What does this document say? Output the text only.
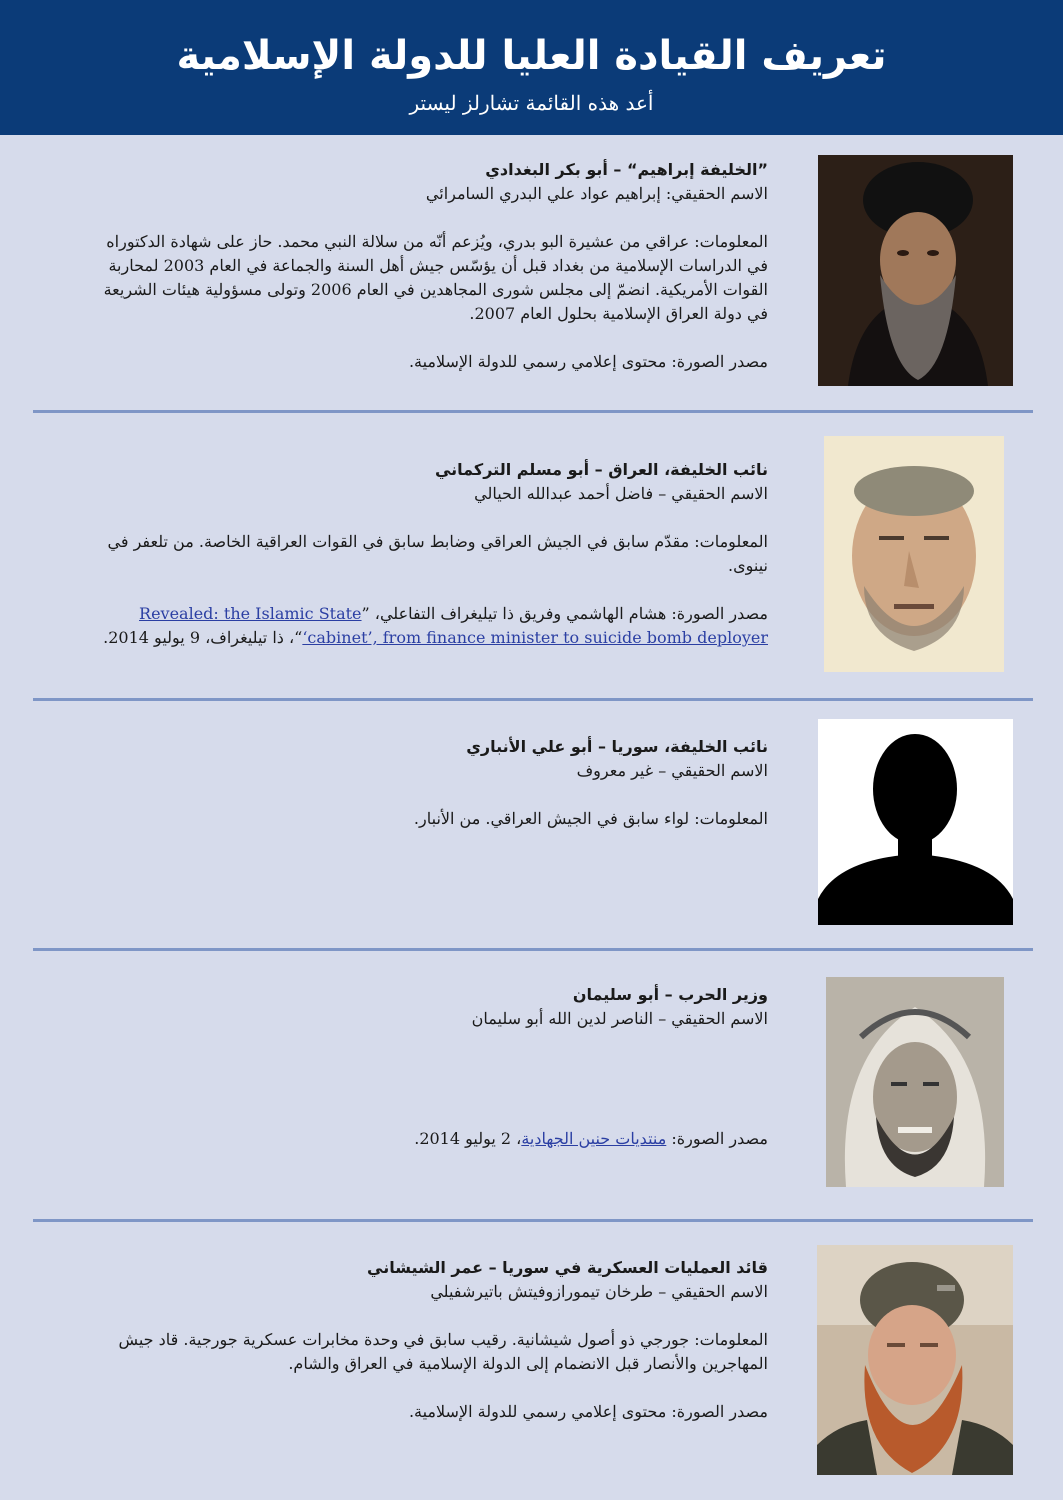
تعريف القيادة العليا للدولة الإسلامية
أعد هذه القائمة تشارلز ليستر

”الخليفة إبراهيم“ – أبو بكر البغدادي

الاسم الحقيقي: إبراهيم عواد علي البدري السامرائي

المعلومات: عراقي من عشيرة البو بدري، ويُزعم أنّه من سلالة النبي محمد. حاز على شهادة الدكتوراه في الدراسات الإسلامية من بغداد قبل أن يؤسّس جيش أهل السنة والجماعة في العام 2003 لمحاربة القوات الأمريكية. انضمّ إلى مجلس شورى المجاهدين في العام 2006 وتولى مسؤولية هيئات الشريعة في دولة العراق الإسلامية بحلول العام 2007.

مصدر الصورة: محتوى إعلامي رسمي للدولة الإسلامية.

نائب الخليفة، العراق – أبو مسلم التركماني

الاسم الحقيقي – فاضل أحمد عبدالله الحيالي

المعلومات: مقدّم سابق في الجيش العراقي وضابط سابق في القوات العراقية الخاصة. من تلعفر في نينوى.

مصدر الصورة: هشام الهاشمي وفريق ذا تيليغراف التفاعلي، ”Revealed: the Islamic State ‘cabinet’, from finance minister to suicide bomb deployer“، ذا تيليغراف، 9 يوليو 2014.

نائب الخليفة، سوريا – أبو علي الأنباري

الاسم الحقيقي – غير معروف

المعلومات: لواء سابق في الجيش العراقي. من الأنبار.

وزير الحرب – أبو سليمان

الاسم الحقيقي – الناصر لدين الله أبو سليمان

مصدر الصورة: منتديات حنين الجهادية، 2 يوليو 2014.

قائد العمليات العسكرية في سوريا – عمر الشيشاني

الاسم الحقيقي – طرخان تيمورازوفيتش باتيرشفيلي

المعلومات: جورجي ذو أصول شيشانية. رقيب سابق في وحدة مخابرات عسكرية جورجية. قاد جيش المهاجرين والأنصار قبل الانضمام إلى الدولة الإسلامية في العراق والشام.

مصدر الصورة: محتوى إعلامي رسمي للدولة الإسلامية.
